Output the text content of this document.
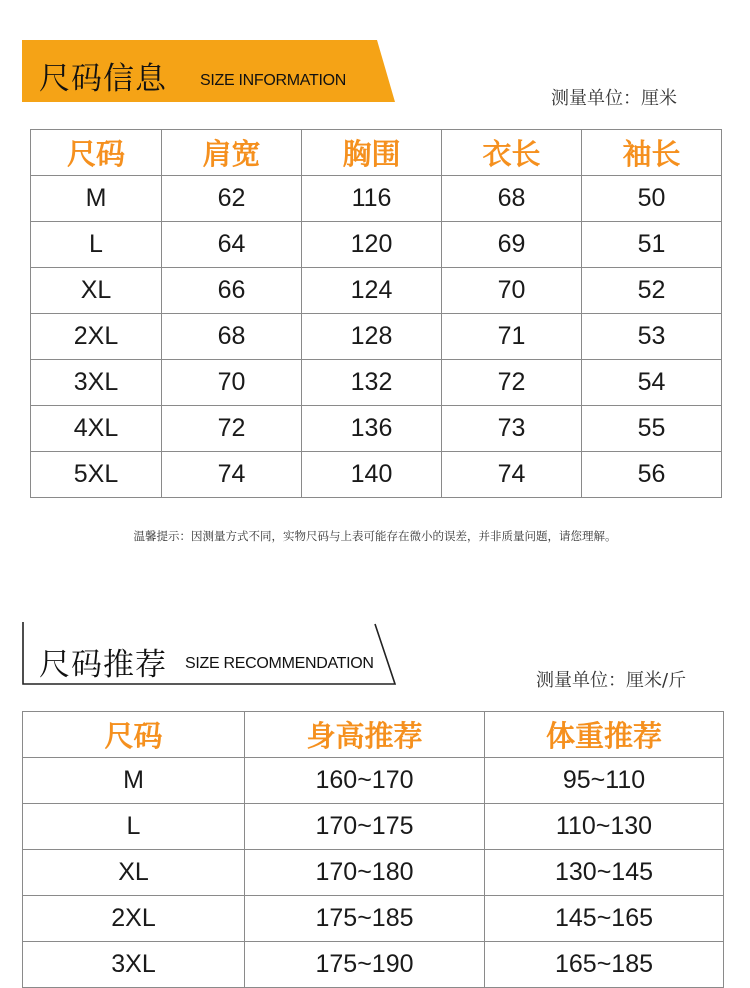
尺码信息 SIZE INFORMATION
测量单位：厘米
尺码	肩宽	胸围	衣长	袖长
M	62	116	68	50
L	64	120	69	51
XL	66	124	70	52
2XL	68	128	71	53
3XL	70	132	72	54
4XL	72	136	73	55
5XL	74	140	74	56
温馨提示：因测量方式不同，实物尺码与上表可能存在微小的误差，并非质量问题，请您理解。
尺码推荐 SIZE RECOMMENDATION
测量单位：厘米/斤
尺码	身高推荐	体重推荐
M	160~170	95~110
L	170~175	110~130
XL	170~180	130~145
2XL	175~185	145~165
3XL	175~190	165~185
